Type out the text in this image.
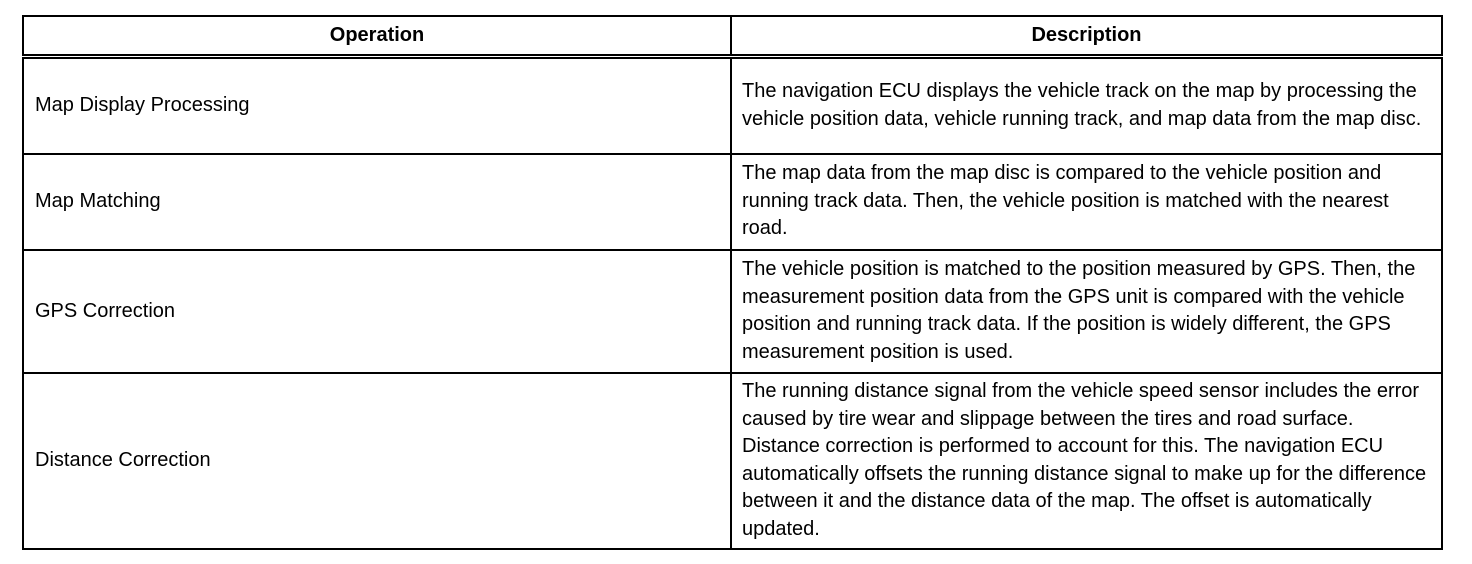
Operation	Description
Map Display Processing	The navigation ECU displays the vehicle track on the map by processing the vehicle position data, vehicle running track, and map data from the map disc.
Map Matching	The map data from the map disc is compared to the vehicle position and running track data. Then, the vehicle position is matched with the nearest road.
GPS Correction	The vehicle position is matched to the position measured by GPS. Then, the measurement position data from the GPS unit is compared with the vehicle position and running track data. If the position is widely different, the GPS measurement position is used.
Distance Correction	The running distance signal from the vehicle speed sensor includes the error caused by tire wear and slippage between the tires and road surface. Distance correction is performed to account for this. The navigation ECU automatically offsets the running distance signal to make up for the difference between it and the distance data of the map. The offset is automatically updated.
